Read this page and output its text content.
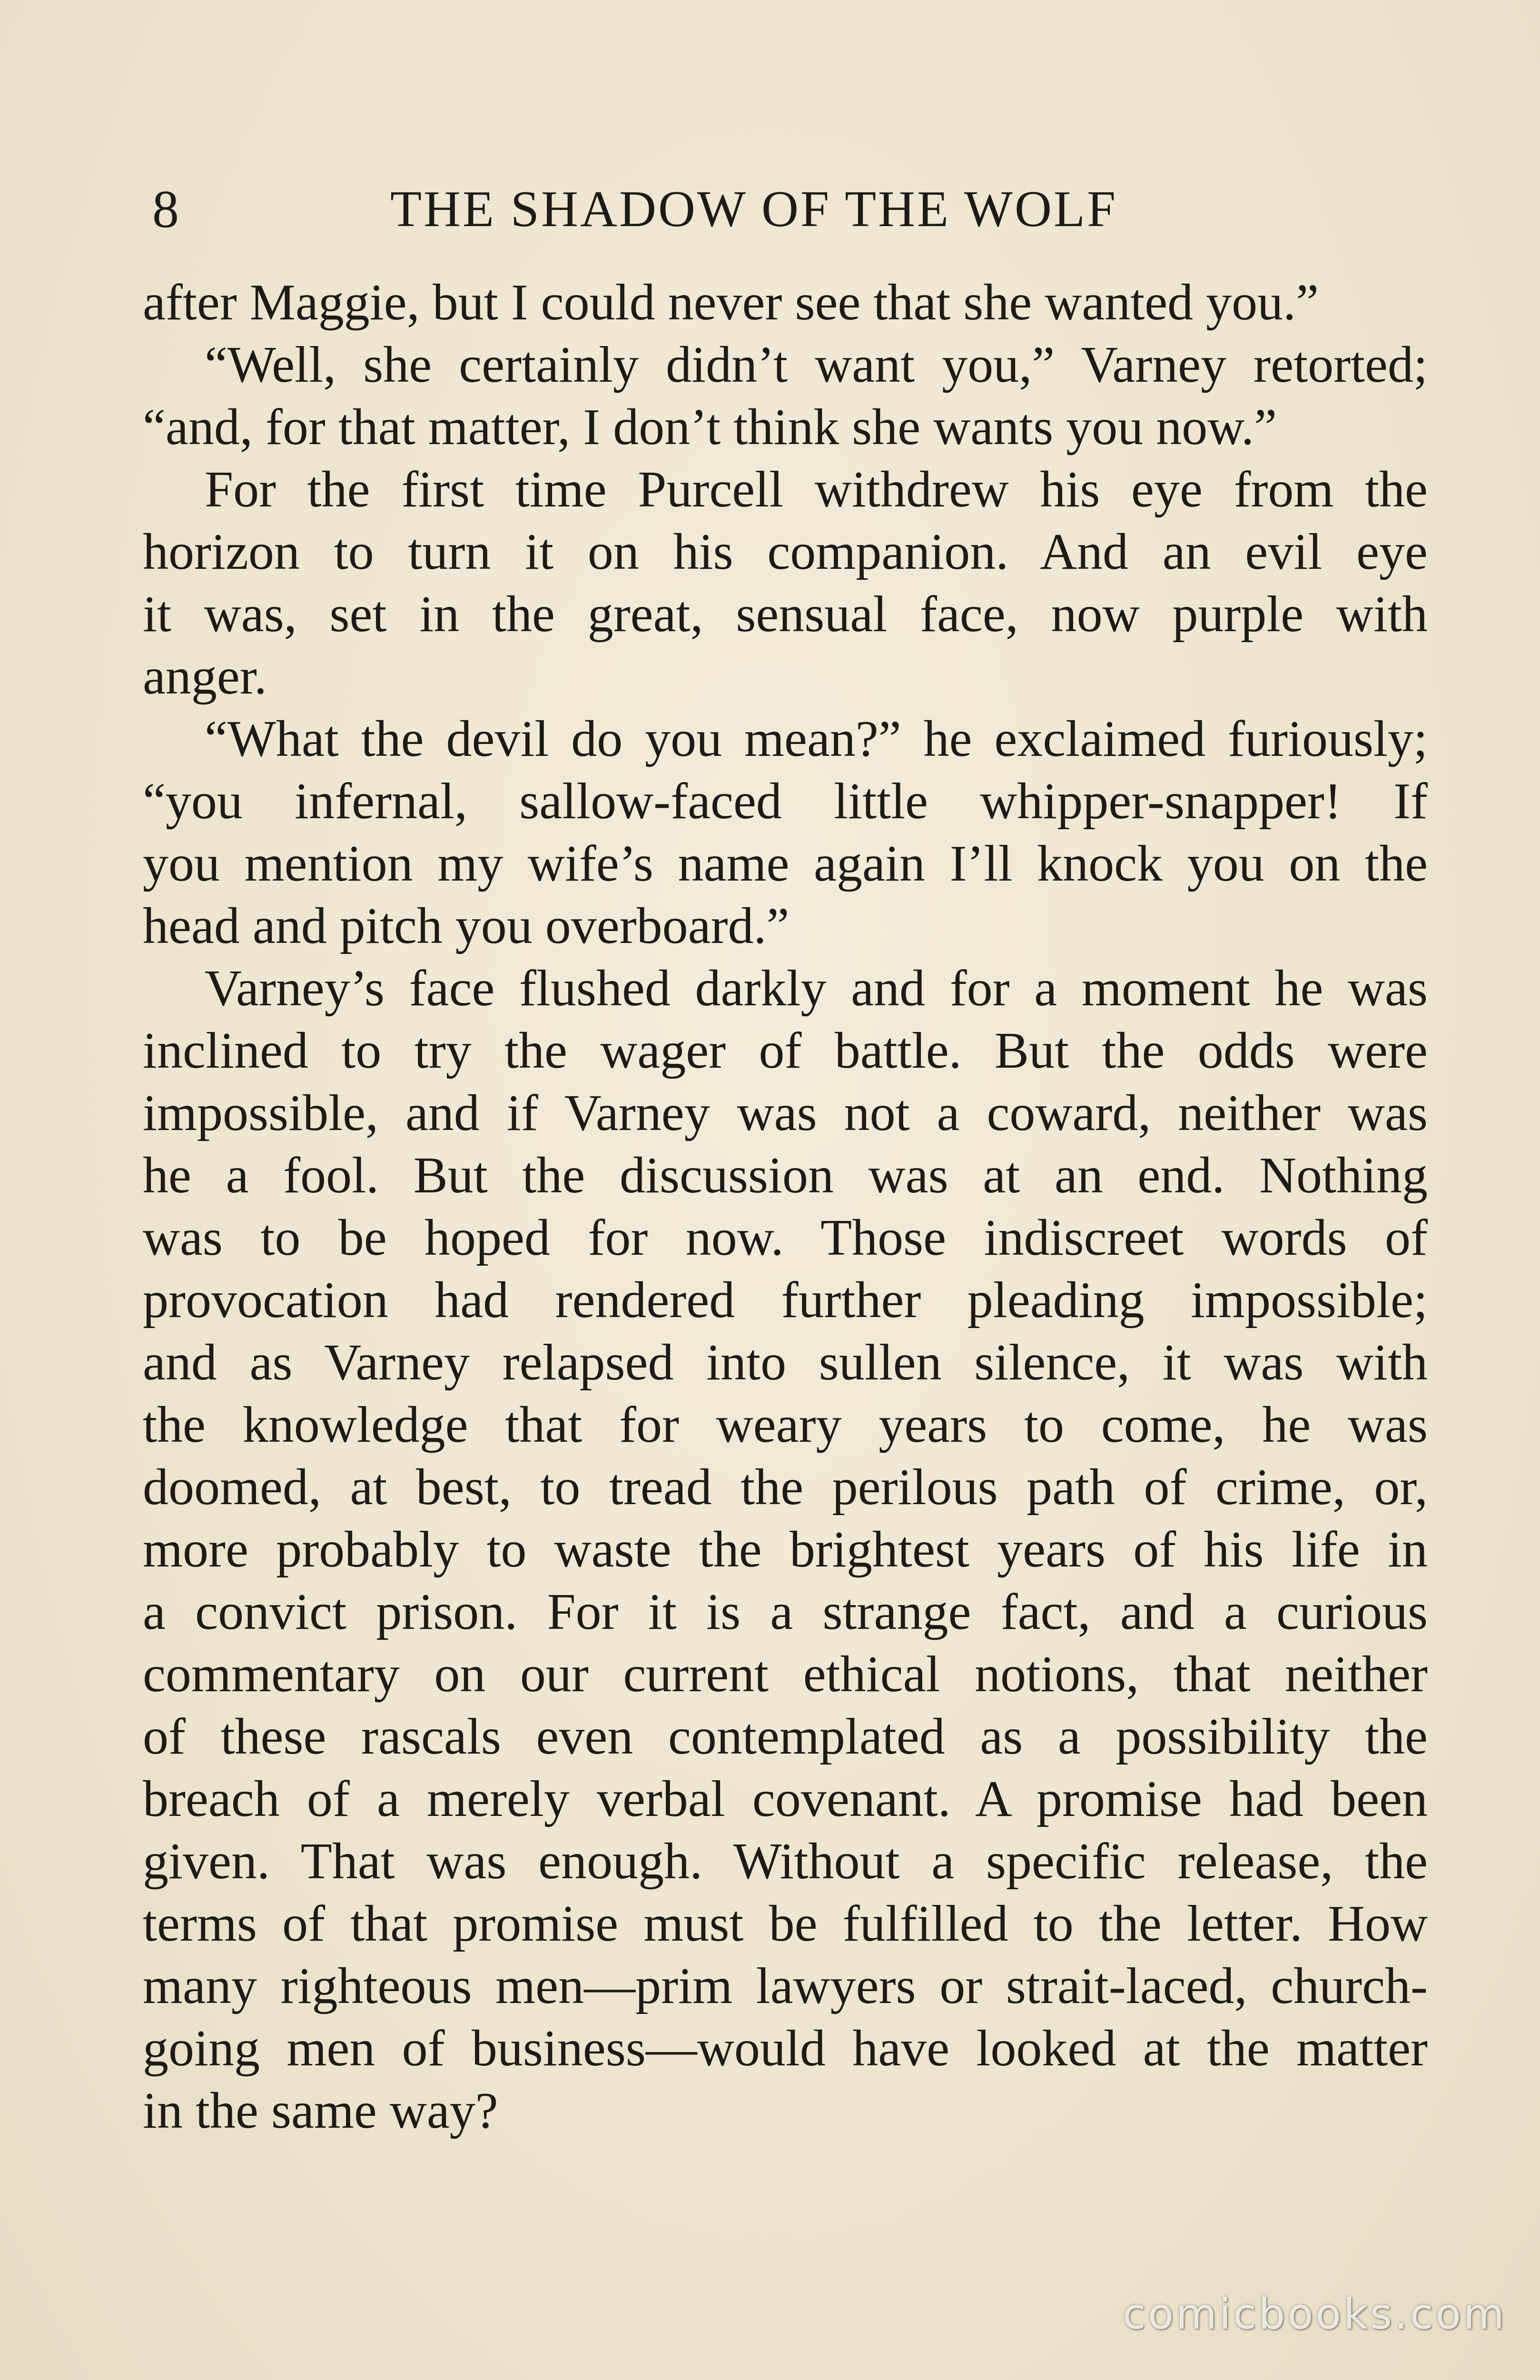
8	THE SHADOW OF THE WOLF
after Maggie, but I could never see that she wanted you.”
“Well, she certainly didn’t want you,” Varney retorted;
“and, for that matter, I don’t think she wants you now.”
For the first time Purcell withdrew his eye from the
horizon to turn it on his companion. And an evil eye
it was, set in the great, sensual face, now purple with
anger.
“What the devil do you mean?” he exclaimed furiously;
“you infernal, sallow-faced little whipper-snapper! If
you mention my wife’s name again I’ll knock you on the
head and pitch you overboard.”
Varney’s face flushed darkly and for a moment he was
inclined to try the wager of battle. But the odds were
impossible, and if Varney was not a coward, neither was
he a fool. But the discussion was at an end. Nothing
was to be hoped for now. Those indiscreet words of
provocation had rendered further pleading impossible;
and as Varney relapsed into sullen silence, it was with
the knowledge that for weary years to come, he was
doomed, at best, to tread the perilous path of crime, or,
more probably to waste the brightest years of his life in
a convict prison. For it is a strange fact, and a curious
commentary on our current ethical notions, that neither
of these rascals even contemplated as a possibility the
breach of a merely verbal covenant. A promise had been
given. That was enough. Without a specific release, the
terms of that promise must be fulfilled to the letter. How
many righteous men—prim lawyers or strait-laced, church-
going men of business—would have looked at the matter
in the same way?
comicbooks.com
